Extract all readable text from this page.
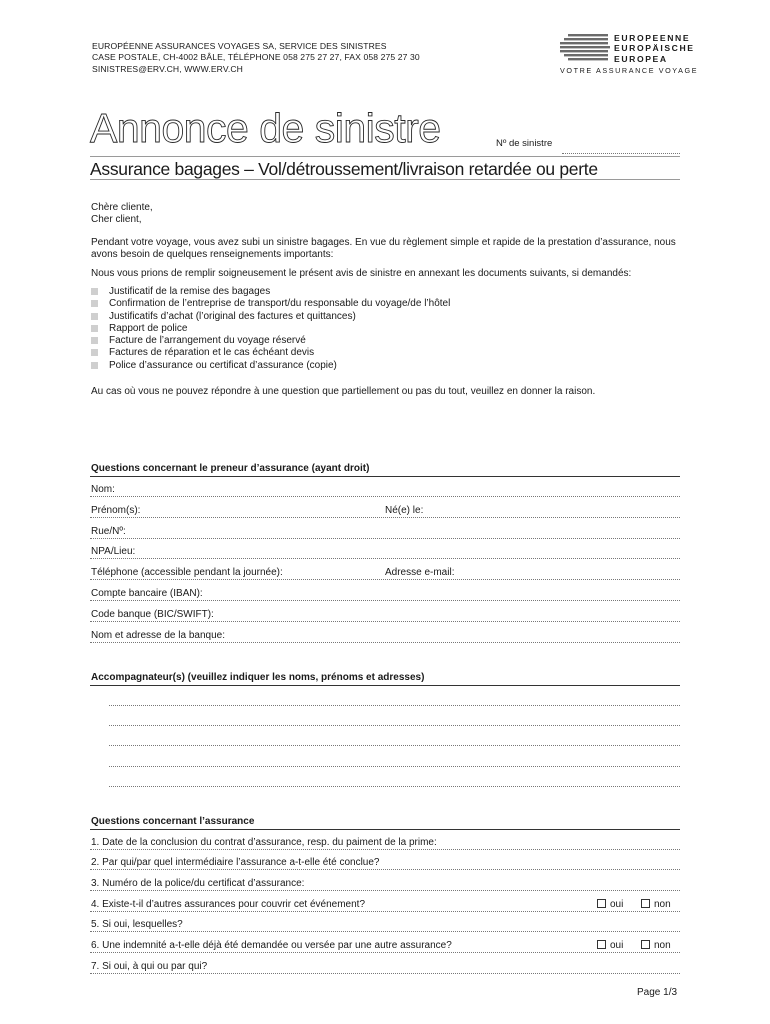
EUROPÉENNE ASSURANCES VOYAGES SA, SERVICE DES SINISTRES
CASE POSTALE, CH-4002 BÂLE, TÉLÉPHONE 058 275 27 27, FAX 058 275 27 30
SINISTRES@ERV.CH, WWW.ERV.CH
EUROPEENNE
EUROPÄISCHE
EUROPEA
VOTRE ASSURANCE VOYAGE
Annonce de sinistre	Nº de sinistre
Assurance bagages – Vol/détroussement/livraison retardée ou perte
Chère cliente,
Cher client,
Pendant votre voyage, vous avez subi un sinistre bagages. En vue du règlement simple et rapide de la prestation d’assurance, nous avons besoin de quelques renseignements importants:
Nous vous prions de remplir soigneusement le présent avis de sinistre en annexant les documents suivants, si demandés:
Justificatif de la remise des bagages
Confirmation de l’entreprise de transport/du responsable du voyage/de l’hôtel
Justificatifs d’achat (l’original des factures et quittances)
Rapport de police
Facture de l’arrangement du voyage réservé
Factures de réparation et le cas échéant devis
Police d’assurance ou certificat d’assurance (copie)
Au cas où vous ne pouvez répondre à une question que partiellement ou pas du tout, veuillez en donner la raison.
Questions concernant le preneur d’assurance (ayant droit)
Nom:
Prénom(s):	Né(e) le:
Rue/Nº:
NPA/Lieu:
Téléphone (accessible pendant la journée):	Adresse e-mail:
Compte bancaire (IBAN):
Code banque (BIC/SWIFT):
Nom et adresse de la banque:
Accompagnateur(s) (veuillez indiquer les noms, prénoms et adresses)
Questions concernant l’assurance
1. Date de la conclusion du contrat d’assurance, resp. du paiment de la prime:
2. Par qui/par quel intermédiaire l’assurance a-t-elle été conclue?
3. Numéro de la police/du certificat d’assurance:
4. Existe-t-il d’autres assurances pour couvrir cet événement?	oui	non
5. Si oui, lesquelles?
6. Une indemnité a-t-elle déjà été demandée ou versée par une autre assurance?	oui	non
7. Si oui, à qui ou par qui?
Page 1/3
